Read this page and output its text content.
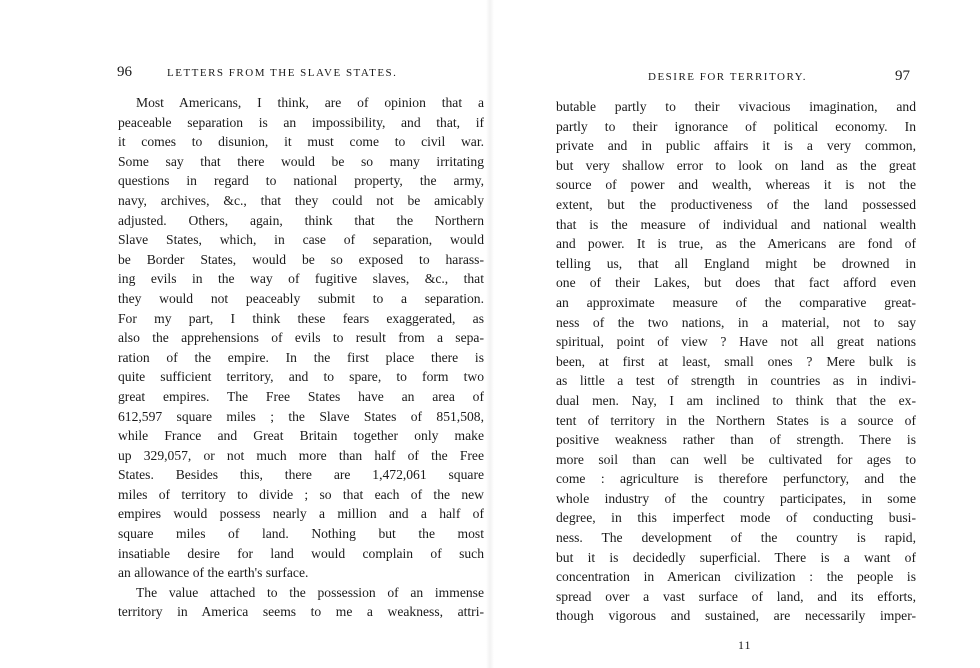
96	LETTERS FROM THE SLAVE STATES.
Most Americans, I think, are of opinion that a
peaceable separation is an impossibility, and that, if
it comes to disunion, it must come to civil war.
Some say that there would be so many irritating
questions in regard to national property, the army,
navy, archives, &c., that they could not be amicably
adjusted. Others, again, think that the Northern
Slave States, which, in case of separation, would
be Border States, would be so exposed to harass-
ing evils in the way of fugitive slaves, &c., that
they would not peaceably submit to a separation.
For my part, I think these fears exaggerated, as
also the apprehensions of evils to result from a sepa-
ration of the empire. In the first place there is
quite sufficient territory, and to spare, to form two
great empires. The Free States have an area of
612,597 square miles ; the Slave States of 851,508,
while France and Great Britain together only make
up 329,057, or not much more than half of the Free
States. Besides this, there are 1,472,061 square
miles of territory to divide ; so that each of the new
empires would possess nearly a million and a half of
square miles of land. Nothing but the most
insatiable desire for land would complain of such
an allowance of the earth's surface.
The value attached to the possession of an immense
territory in America seems to me a weakness, attri-
DESIRE FOR TERRITORY.	97
butable partly to their vivacious imagination, and
partly to their ignorance of political economy. In
private and in public affairs it is a very common,
but very shallow error to look on land as the great
source of power and wealth, whereas it is not the
extent, but the productiveness of the land possessed
that is the measure of individual and national wealth
and power. It is true, as the Americans are fond of
telling us, that all England might be drowned in
one of their Lakes, but does that fact afford even
an approximate measure of the comparative great-
ness of the two nations, in a material, not to say
spiritual, point of view ? Have not all great nations
been, at first at least, small ones ? Mere bulk is
as little a test of strength in countries as in indivi-
dual men. Nay, I am inclined to think that the ex-
tent of territory in the Northern States is a source of
positive weakness rather than of strength. There is
more soil than can well be cultivated for ages to
come : agriculture is therefore perfunctory, and the
whole industry of the country participates, in some
degree, in this imperfect mode of conducting busi-
ness. The development of the country is rapid,
but it is decidedly superficial. There is a want of
concentration in American civilization : the people is
spread over a vast surface of land, and its efforts,
though vigorous and sustained, are necessarily imper-
11
